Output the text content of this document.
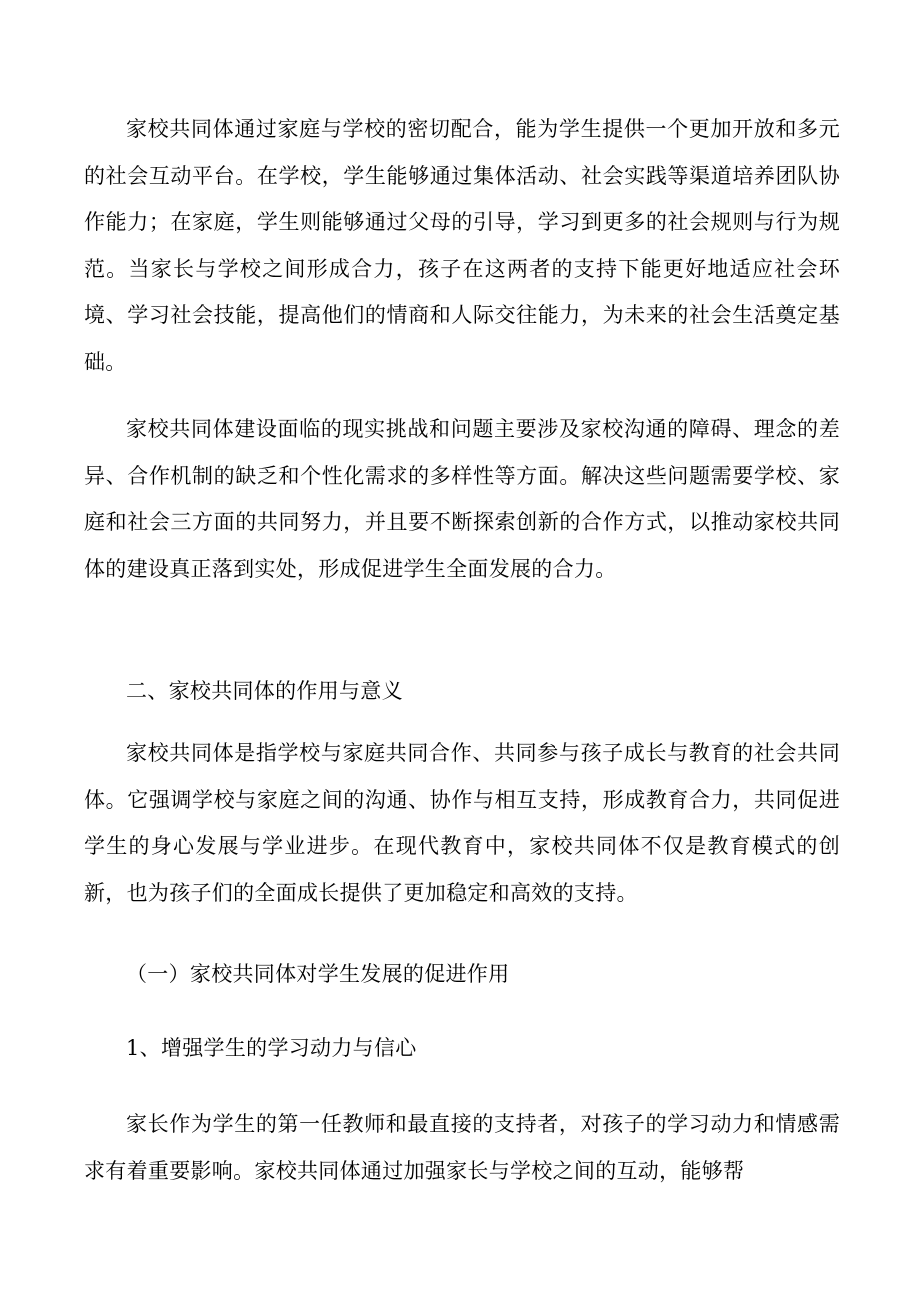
家校共同体通过家庭与学校的密切配合，能为学生提供一个更加开放和多元的社会互动平台。在学校，学生能够通过集体活动、社会实践等渠道培养团队协作能力；在家庭，学生则能够通过父母的引导，学习到更多的社会规则与行为规范。当家长与学校之间形成合力，孩子在这两者的支持下能更好地适应社会环境、学习社会技能，提高他们的情商和人际交往能力，为未来的社会生活奠定基础。

家校共同体建设面临的现实挑战和问题主要涉及家校沟通的障碍、理念的差异、合作机制的缺乏和个性化需求的多样性等方面。解决这些问题需要学校、家庭和社会三方面的共同努力，并且要不断探索创新的合作方式，以推动家校共同体的建设真正落到实处，形成促进学生全面发展的合力。

二、家校共同体的作用与意义

家校共同体是指学校与家庭共同合作、共同参与孩子成长与教育的社会共同体。它强调学校与家庭之间的沟通、协作与相互支持，形成教育合力，共同促进学生的身心发展与学业进步。在现代教育中，家校共同体不仅是教育模式的创新，也为孩子们的全面成长提供了更加稳定和高效的支持。

（一）家校共同体对学生发展的促进作用
1、增强学生的学习动力与信心

家长作为学生的第一任教师和最直接的支持者，对孩子的学习动力和情感需求有着重要影响。家校共同体通过加强家长与学校之间的互动，能够帮
